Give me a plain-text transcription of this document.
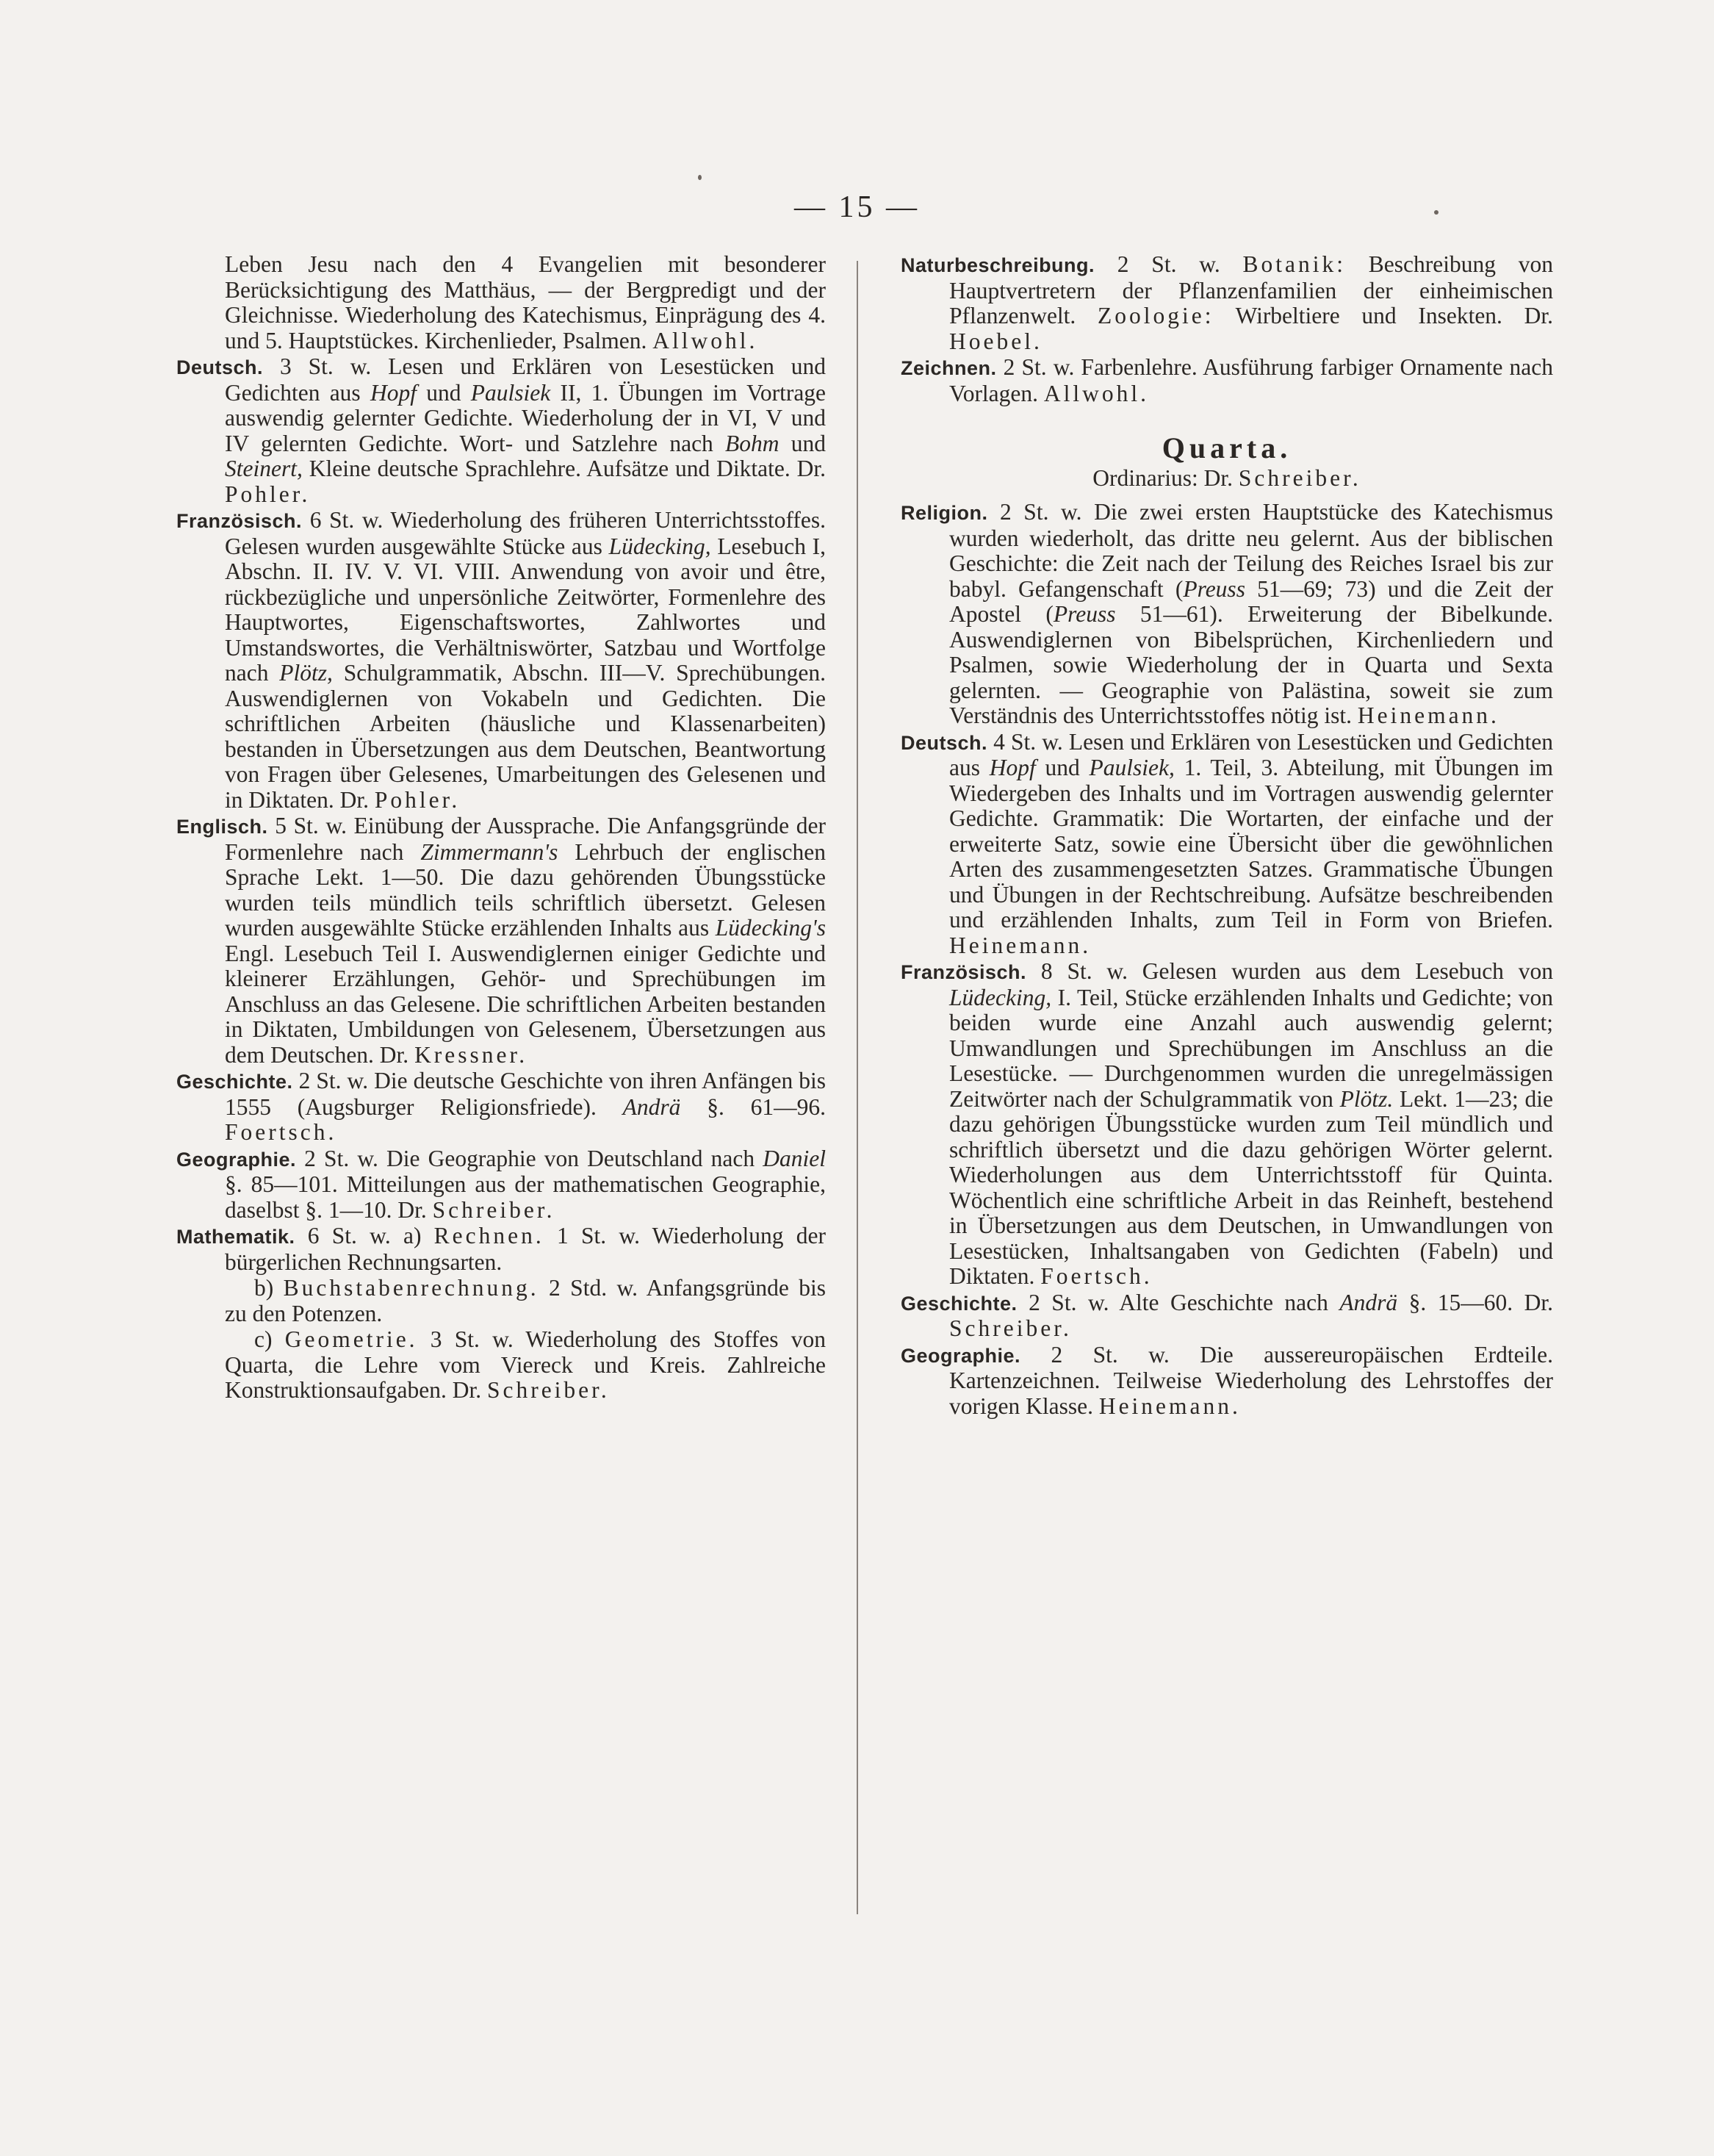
— 15 —

Leben Jesu nach den 4 Evangelien mit besonderer Berücksichtigung des Matthäus, — der Bergpredigt und der Gleichnisse. Wiederholung des Katechismus, Einprägung des 4. und 5. Hauptstückes. Kirchenlieder, Psalmen. Allwohl.

Deutsch. 3 St. w. Lesen und Erklären von Lesestücken und Gedichten aus Hopf und Paulsiek II, 1. Übungen im Vortrage auswendig gelernter Gedichte. Wiederholung der in VI, V und IV gelernten Gedichte. Wort- und Satzlehre nach Bohm und Steinert, Kleine deutsche Sprachlehre. Aufsätze und Diktate. Dr. Pohler.

Französisch. 6 St. w. Wiederholung des früheren Unterrichtsstoffes. Gelesen wurden ausgewählte Stücke aus Lüdecking, Lesebuch I, Abschn. II. IV. V. VI. VIII. Anwendung von avoir und être, rückbezügliche und unpersönliche Zeitwörter, Formenlehre des Hauptwortes, Eigenschaftswortes, Zahlwortes und Umstandswortes, die Verhältniswörter, Satzbau und Wortfolge nach Plötz, Schulgrammatik, Abschn. III—V. Sprechübungen. Auswendiglernen von Vokabeln und Gedichten. Die schriftlichen Arbeiten (häusliche und Klassenarbeiten) bestanden in Übersetzungen aus dem Deutschen, Beantwortung von Fragen über Gelesenes, Umarbeitungen des Gelesenen und in Diktaten. Dr. Pohler.

Englisch. 5 St. w. Einübung der Aussprache. Die Anfangsgründe der Formenlehre nach Zimmermann's Lehrbuch der englischen Sprache Lekt. 1—50. Die dazu gehörenden Übungsstücke wurden teils mündlich teils schriftlich übersetzt. Gelesen wurden ausgewählte Stücke erzählenden Inhalts aus Lüdecking's Engl. Lesebuch Teil I. Auswendiglernen einiger Gedichte und kleinerer Erzählungen, Gehör- und Sprechübungen im Anschluss an das Gelesene. Die schriftlichen Arbeiten bestanden in Diktaten, Umbildungen von Gelesenem, Übersetzungen aus dem Deutschen. Dr. Kressner.

Geschichte. 2 St. w. Die deutsche Geschichte von ihren Anfängen bis 1555 (Augsburger Religionsfriede). Andrä §. 61—96. Foertsch.

Geographie. 2 St. w. Die Geographie von Deutschland nach Daniel §. 85—101. Mitteilungen aus der mathematischen Geographie, daselbst §. 1—10. Dr. Schreiber.

Mathematik. 6 St. w. a) Rechnen. 1 St. w. Wiederholung der bürgerlichen Rechnungsarten.

b) Buchstabenrechnung. 2 Std. w. Anfangsgründe bis zu den Potenzen.

c) Geometrie. 3 St. w. Wiederholung des Stoffes von Quarta, die Lehre vom Viereck und Kreis. Zahlreiche Konstruktionsaufgaben. Dr. Schreiber.

Naturbeschreibung. 2 St. w. Botanik: Beschreibung von Hauptvertretern der Pflanzenfamilien der einheimischen Pflanzenwelt. Zoologie: Wirbeltiere und Insekten. Dr. Hoebel.

Zeichnen. 2 St. w. Farbenlehre. Ausführung farbiger Ornamente nach Vorlagen. Allwohl.

Quarta.
Ordinarius: Dr. Schreiber.

Religion. 2 St. w. Die zwei ersten Hauptstücke des Katechismus wurden wiederholt, das dritte neu gelernt. Aus der biblischen Geschichte: die Zeit nach der Teilung des Reiches Israel bis zur babyl. Gefangenschaft (Preuss 51—69; 73) und die Zeit der Apostel (Preuss 51—61). Erweiterung der Bibelkunde. Auswendiglernen von Bibelsprüchen, Kirchenliedern und Psalmen, sowie Wiederholung der in Quarta und Sexta gelernten. — Geographie von Palästina, soweit sie zum Verständnis des Unterrichtsstoffes nötig ist. Heinemann.

Deutsch. 4 St. w. Lesen und Erklären von Lesestücken und Gedichten aus Hopf und Paulsiek, 1. Teil, 3. Abteilung, mit Übungen im Wiedergeben des Inhalts und im Vortragen auswendig gelernter Gedichte. Grammatik: Die Wortarten, der einfache und der erweiterte Satz, sowie eine Übersicht über die gewöhnlichen Arten des zusammengesetzten Satzes. Grammatische Übungen und Übungen in der Rechtschreibung. Aufsätze beschreibenden und erzählenden Inhalts, zum Teil in Form von Briefen. Heinemann.

Französisch. 8 St. w. Gelesen wurden aus dem Lesebuch von Lüdecking, I. Teil, Stücke erzählenden Inhalts und Gedichte; von beiden wurde eine Anzahl auch auswendig gelernt; Umwandlungen und Sprechübungen im Anschluss an die Lesestücke. — Durchgenommen wurden die unregelmässigen Zeitwörter nach der Schulgrammatik von Plötz. Lekt. 1—23; die dazu gehörigen Übungsstücke wurden zum Teil mündlich und schriftlich übersetzt und die dazu gehörigen Wörter gelernt. Wiederholungen aus dem Unterrichtsstoff für Quinta. Wöchentlich eine schriftliche Arbeit in das Reinheft, bestehend in Übersetzungen aus dem Deutschen, in Umwandlungen von Lesestücken, Inhaltsangaben von Gedichten (Fabeln) und Diktaten. Foertsch.

Geschichte. 2 St. w. Alte Geschichte nach Andrä §. 15—60. Dr. Schreiber.

Geographie. 2 St. w. Die aussereuropäischen Erdteile. Kartenzeichnen. Teilweise Wiederholung des Lehrstoffes der vorigen Klasse. Heinemann.
